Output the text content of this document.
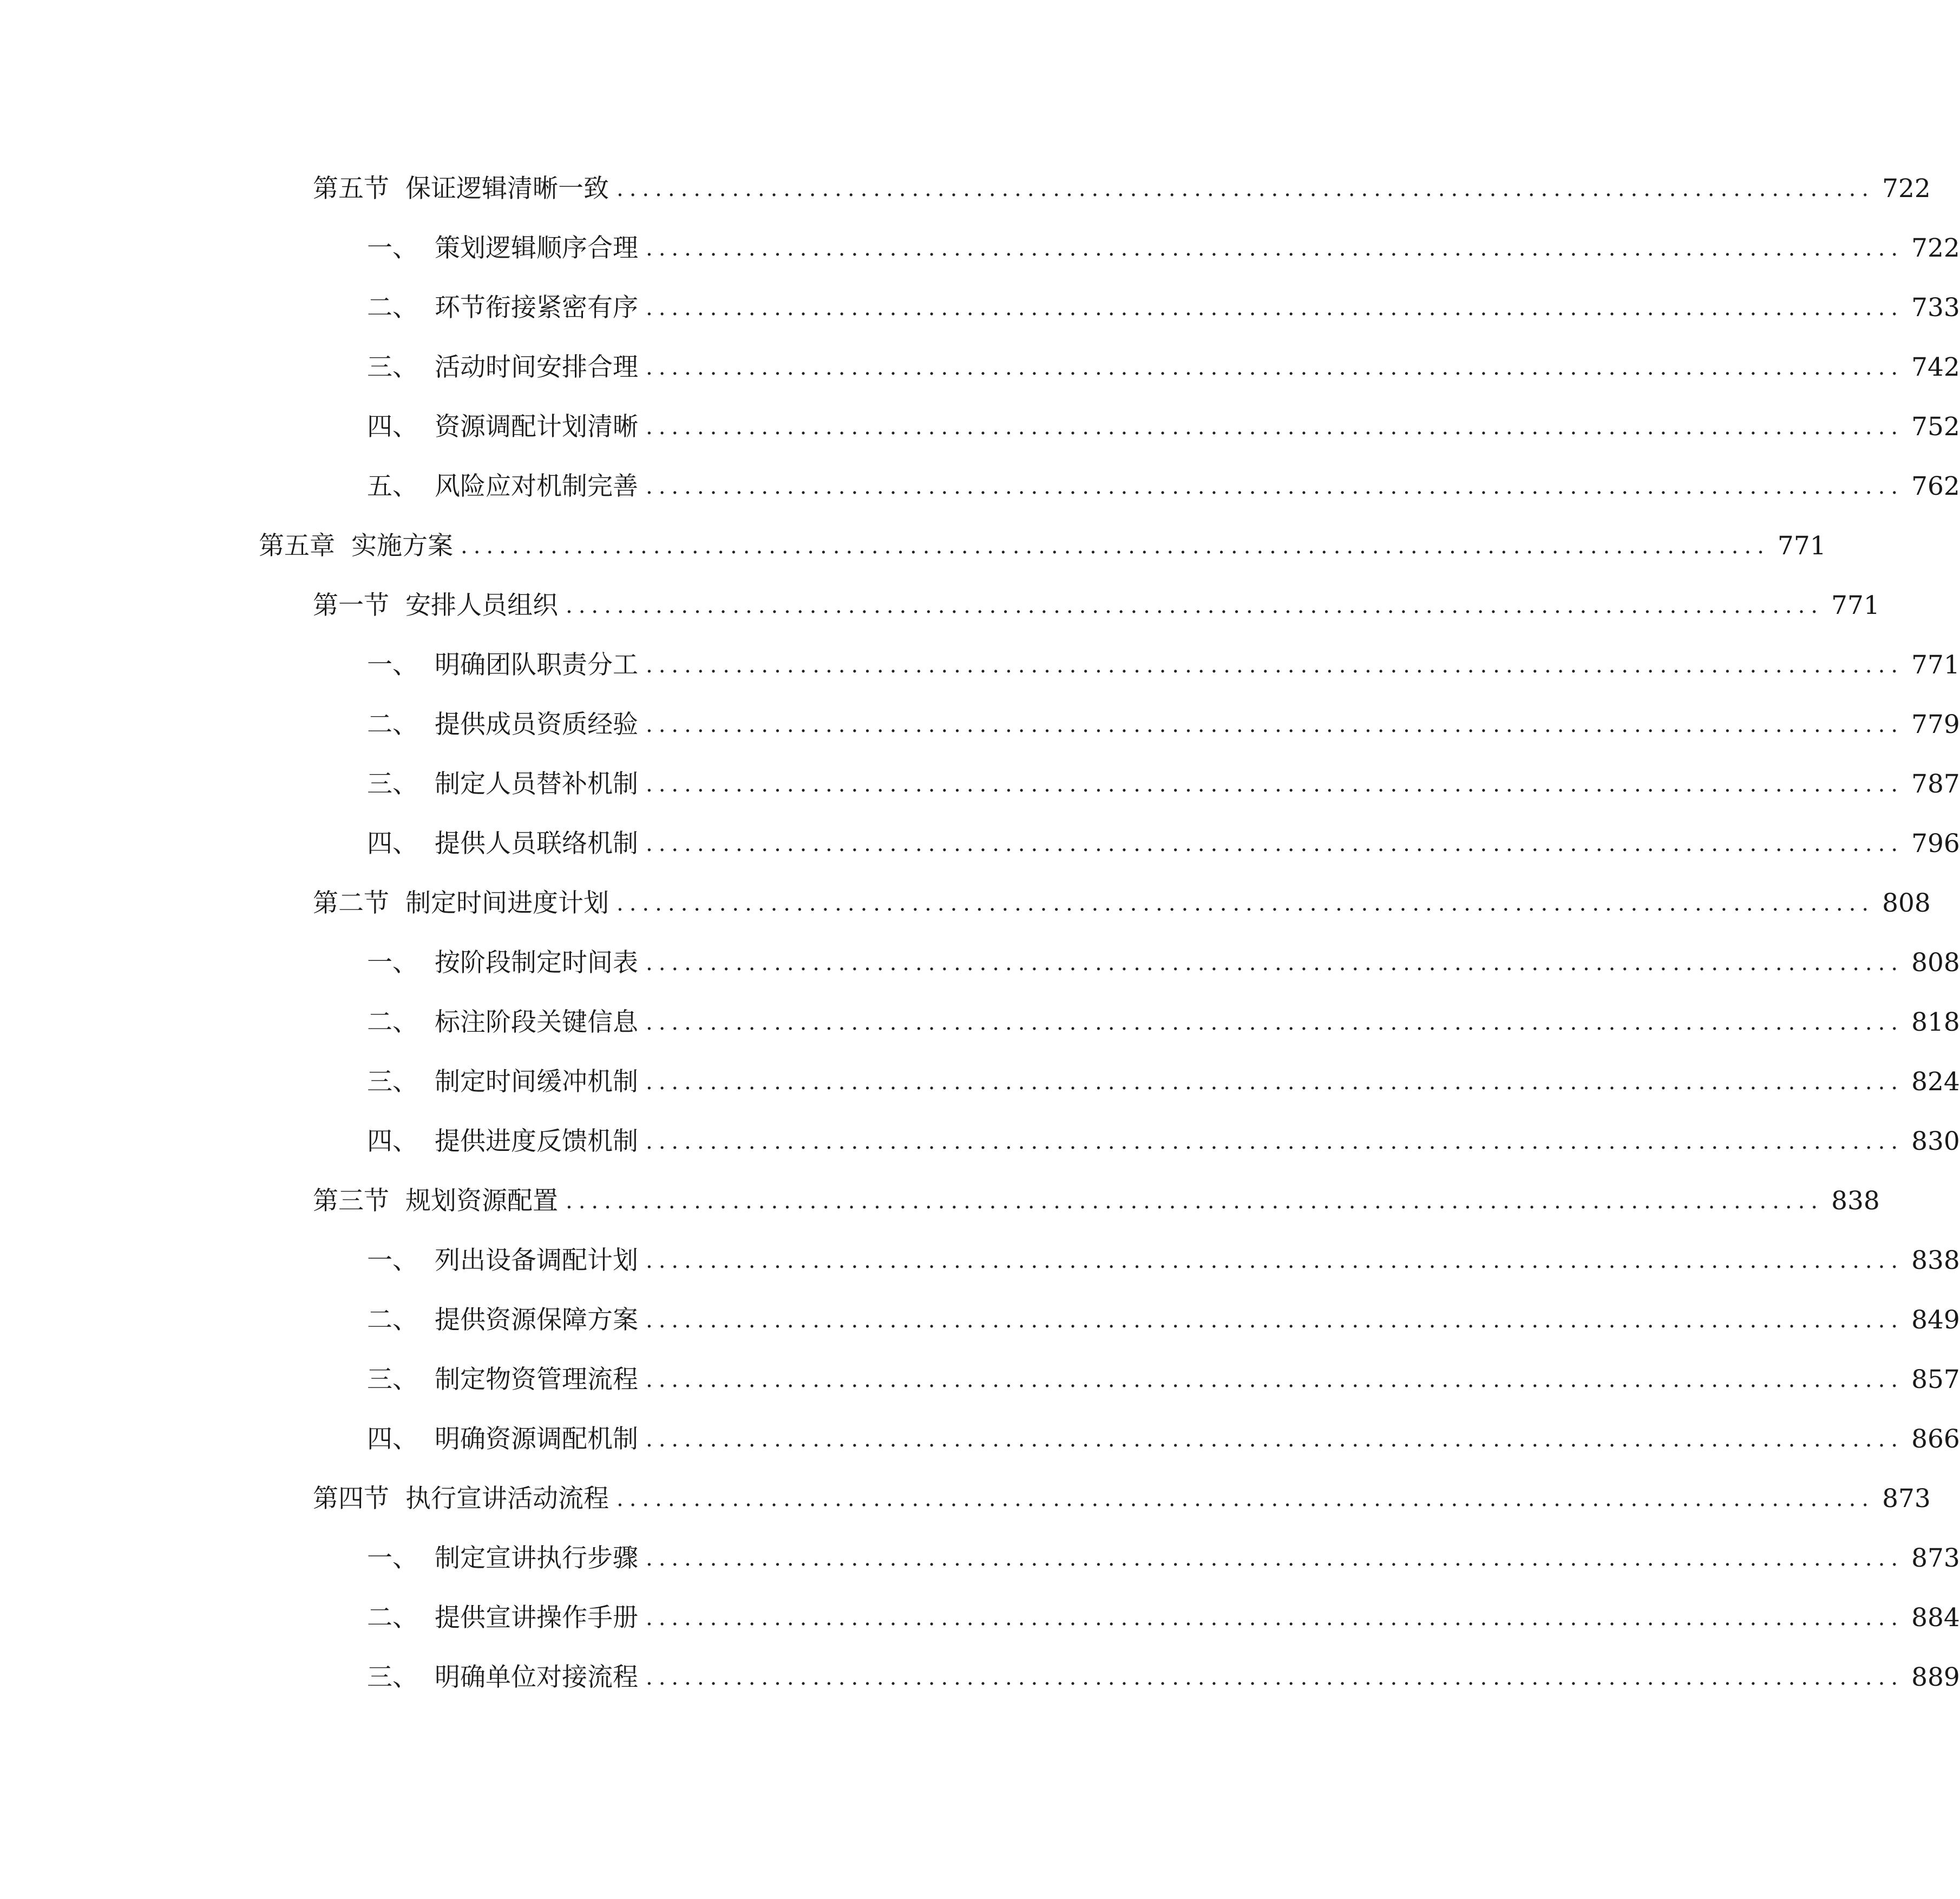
第五节 保证逻辑清晰一致 .................................................................................................. 722
一、 策划逻辑顺序合理 .................................................................................................. 722
二、 环节衔接紧密有序 .................................................................................................. 733
三、 活动时间安排合理 .................................................................................................. 742
四、 资源调配计划清晰 .................................................................................................. 752
五、 风险应对机制完善 .................................................................................................. 762
第五章 实施方案 ...................................................................................................... 771
第一节 安排人员组织 .................................................................................................. 771
一、 明确团队职责分工 .................................................................................................. 771
二、 提供成员资质经验 .................................................................................................. 779
三、 制定人员替补机制 .................................................................................................. 787
四、 提供人员联络机制 .................................................................................................. 796
第二节 制定时间进度计划 .................................................................................................. 808
一、 按阶段制定时间表 .................................................................................................. 808
二、 标注阶段关键信息 .................................................................................................. 818
三、 制定时间缓冲机制 .................................................................................................. 824
四、 提供进度反馈机制 .................................................................................................. 830
第三节 规划资源配置 .................................................................................................. 838
一、 列出设备调配计划 .................................................................................................. 838
二、 提供资源保障方案 .................................................................................................. 849
三、 制定物资管理流程 .................................................................................................. 857
四、 明确资源调配机制 .................................................................................................. 866
第四节 执行宣讲活动流程 .................................................................................................. 873
一、 制定宣讲执行步骤 .................................................................................................. 873
二、 提供宣讲操作手册 .................................................................................................. 884
三、 明确单位对接流程 .................................................................................................. 889
